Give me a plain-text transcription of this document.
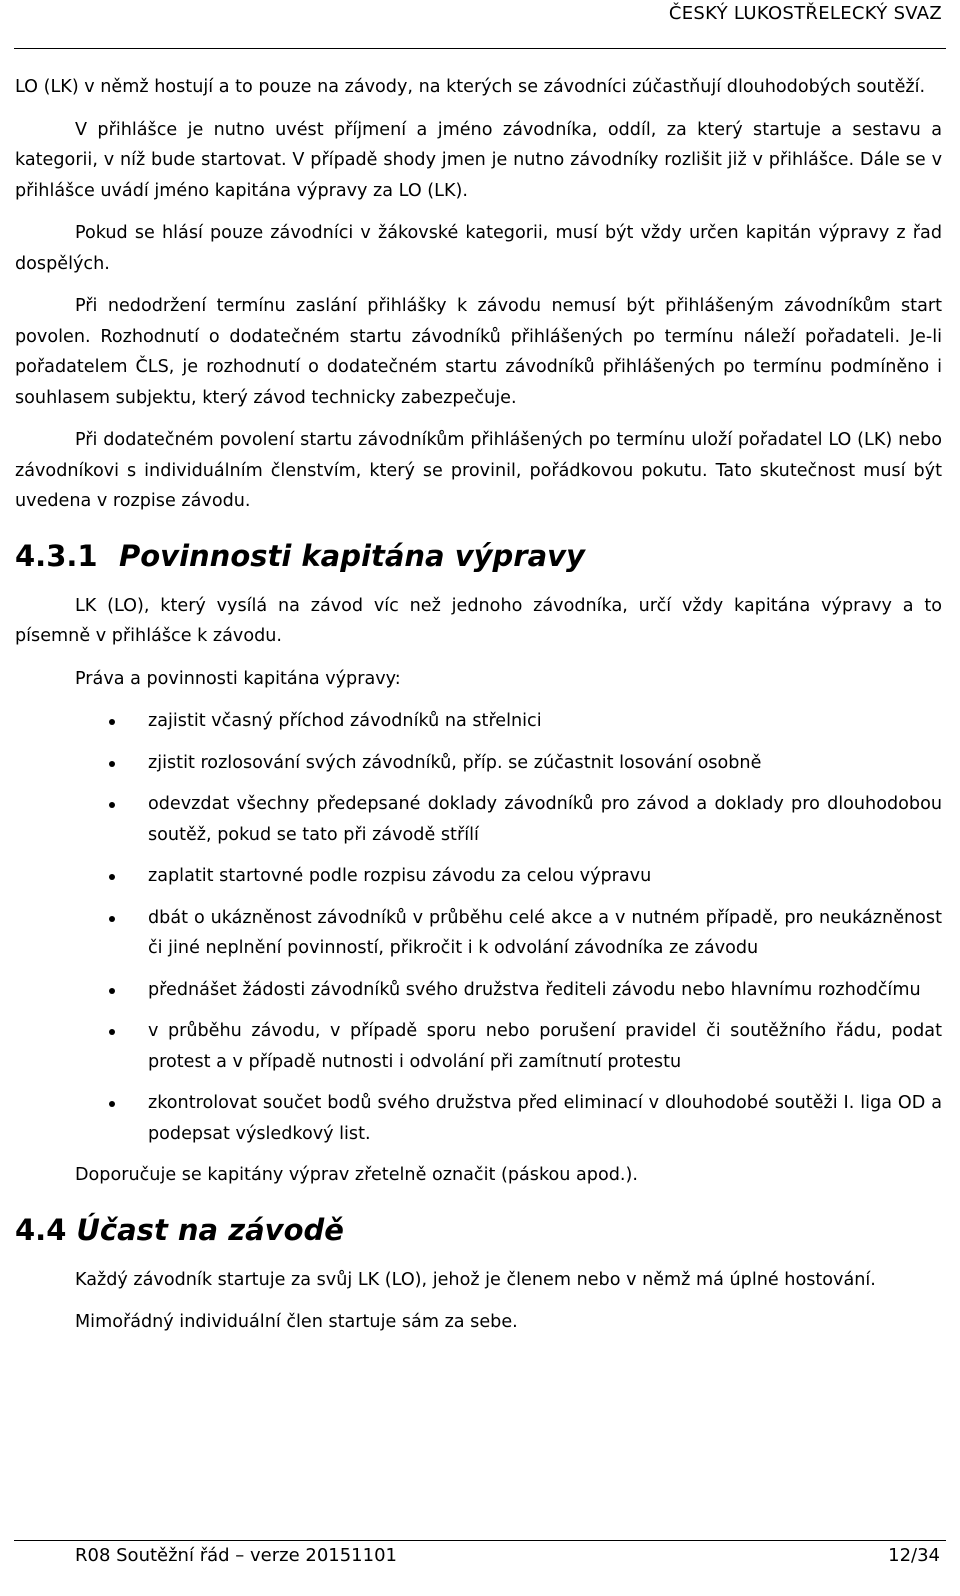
ČESKÝ LUKOSTŘELECKÝ SVAZ

LO (LK) v němž hostují a to pouze na závody, na kterých se závodníci zúčastňují dlouhodobých soutěží.

V přihlášce je nutno uvést příjmení a jméno závodníka, oddíl, za který startuje a sestavu a kategorii, v níž bude startovat. V případě shody jmen je nutno závodníky rozlišit již v přihlášce. Dále se v přihlášce uvádí jméno kapitána výpravy za LO (LK).

Pokud se hlásí pouze závodníci v žákovské kategorii, musí být vždy určen kapitán výpravy z řad dospělých.

Při nedodržení termínu zaslání přihlášky k závodu nemusí být přihlášeným závodníkům start povolen. Rozhodnutí o dodatečném startu závodníků přihlášených po termínu náleží pořadateli. Je-li pořadatelem ČLS, je rozhodnutí o dodatečném startu závodníků přihlášených po termínu podmíněno i souhlasem subjektu, který závod technicky zabezpečuje.

Při dodatečném povolení startu závodníkům přihlášených po termínu uloží pořadatel LO (LK) nebo závodníkovi s individuálním členstvím, který se provinil, pořádkovou pokutu. Tato skutečnost musí být uvedena v rozpise závodu.

4.3.1 Povinnosti kapitána výpravy

LK (LO), který vysílá na závod víc než jednoho závodníka, určí vždy kapitána výpravy a to písemně v přihlášce k závodu.

Práva a povinnosti kapitána výpravy:

zajistit včasný příchod závodníků na střelnici
zjistit rozlosování svých závodníků, příp. se zúčastnit losování osobně
odevzdat všechny předepsané doklady závodníků pro závod a doklady pro dlouhodobou soutěž, pokud se tato při závodě střílí
zaplatit startovné podle rozpisu závodu za celou výpravu
dbát o ukázněnost závodníků v průběhu celé akce a v nutném případě, pro neukázněnost či jiné neplnění povinností, přikročit i k odvolání závodníka ze závodu
přednášet žádosti závodníků svého družstva řediteli závodu nebo hlavnímu rozhodčímu
v průběhu závodu, v případě sporu nebo porušení pravidel či soutěžního řádu, podat protest a v případě nutnosti i odvolání při zamítnutí protestu
zkontrolovat součet bodů svého družstva před eliminací v dlouhodobé soutěži I. liga OD a podepsat výsledkový list.

Doporučuje se kapitány výprav zřetelně označit (páskou apod.).

4.4 Účast na závodě

Každý závodník startuje za svůj LK (LO), jehož je členem nebo v němž má úplné hostování.

Mimořádný individuální člen startuje sám za sebe.

R08 Soutěžní řád – verze 20151101	12/34
